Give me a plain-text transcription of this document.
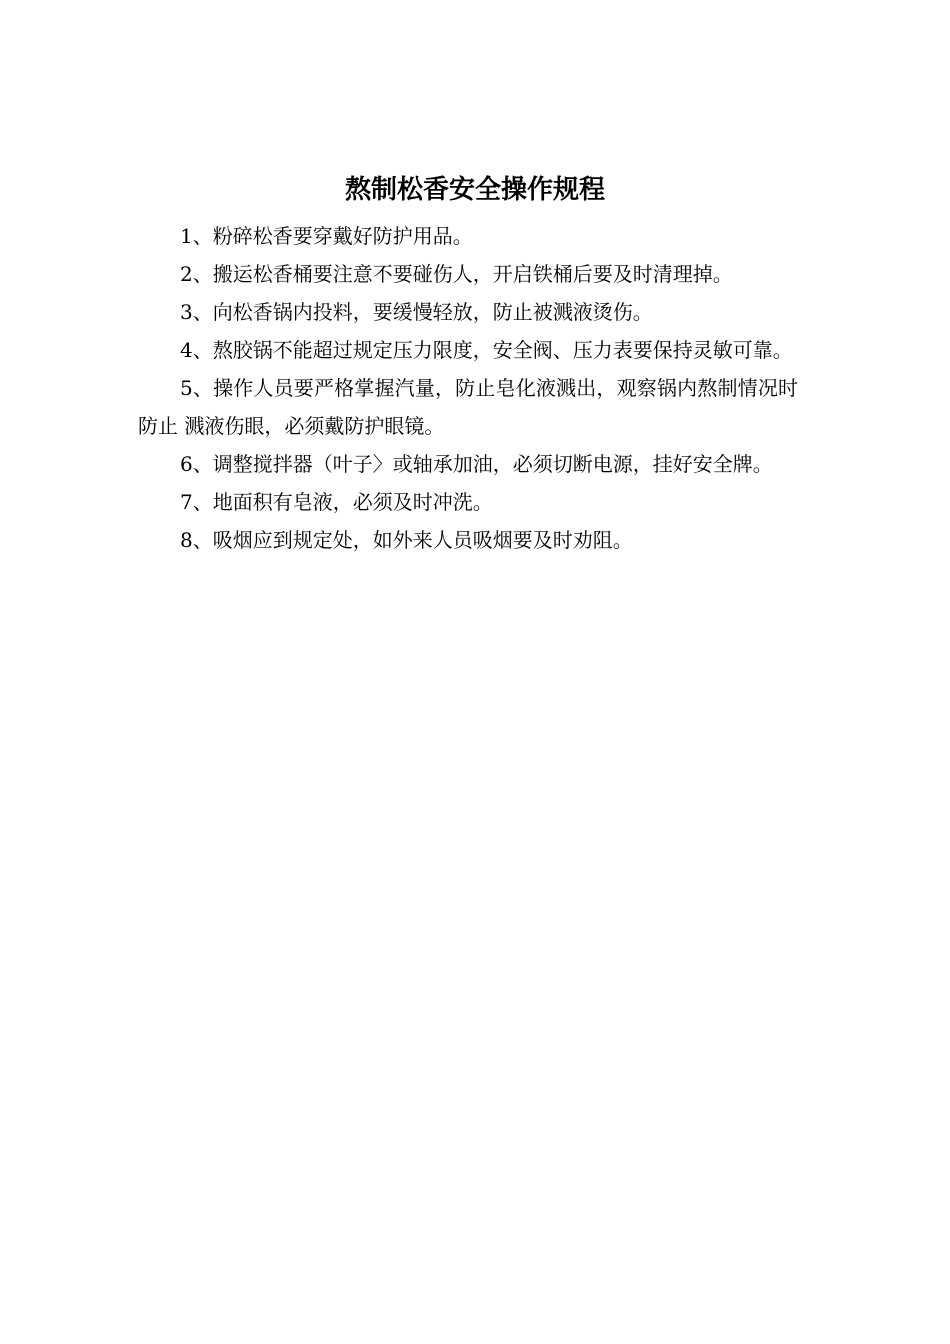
熬制松香安全操作规程

1、粉碎松香要穿戴好防护用品。

2、搬运松香桶要注意不要碰伤人，开启铁桶后要及时清理掉。

3、向松香锅内投料，要缓慢轻放，防止被溅液烫伤。

4、熬胶锅不能超过规定压力限度，安全阀、压力表要保持灵敏可靠。

5、操作人员要严格掌握汽量，防止皂化液溅出，观察锅内熬制情况时防止 溅液伤眼，必须戴防护眼镜。

6、调整搅拌器（叶子〉或轴承加油，必须切断电源，挂好安全牌。

7、地面积有皂液，必须及时冲洗。

8、吸烟应到规定处，如外来人员吸烟要及时劝阻。
